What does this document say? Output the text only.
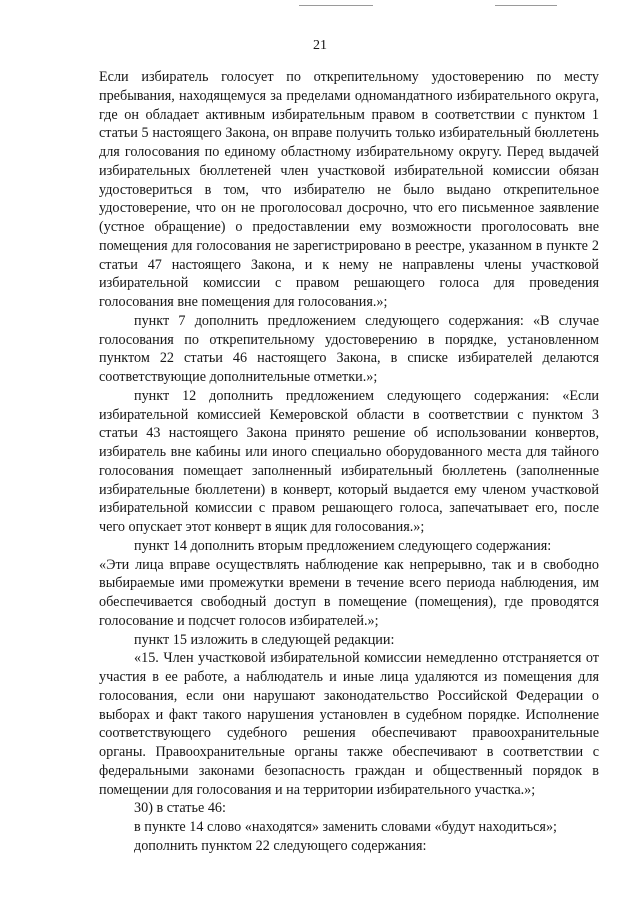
21

Если избиратель голосует по открепительному удостоверению по месту пребывания, находящемуся за пределами одномандатного избирательного округа, где он обладает активным избирательным правом в соответствии с пунктом 1 статьи 5 настоящего Закона, он вправе получить только избирательный бюллетень для голосования по единому областному избирательному округу. Перед выдачей избирательных бюллетеней член участковой избирательной комиссии обязан удостовериться в том, что избирателю не было выдано открепительное удостоверение, что он не проголосовал досрочно, что его письменное заявление (устное обращение) о предоставлении ему возможности проголосовать вне помещения для голосования не зарегистрировано в реестре, указанном в пункте 2 статьи 47 настоящего Закона, и к нему не направлены члены участковой избирательной комиссии с правом решающего голоса для проведения голосования вне помещения для голосования.»;

пункт 7 дополнить предложением следующего содержания: «В случае голосования по открепительному удостоверению в порядке, установленном пунктом 22 статьи 46 настоящего Закона, в списке избирателей делаются соответствующие дополнительные отметки.»;

пункт 12 дополнить предложением следующего содержания: «Если избирательной комиссией Кемеровской области в соответствии с пунктом 3 статьи 43 настоящего Закона принято решение об использовании конвертов, избиратель вне кабины или иного специально оборудованного места для тайного голосования помещает заполненный избирательный бюллетень (заполненные избирательные бюллетени) в конверт, который выдается ему членом участковой избирательной комиссии с правом решающего голоса, запечатывает его, после чего опускает этот конверт в ящик для голосования.»;

пункт 14 дополнить вторым предложением следующего содержания:

«Эти лица вправе осуществлять наблюдение как непрерывно, так и в свободно выбираемые ими промежутки времени в течение всего периода наблюдения, им обеспечивается свободный доступ в помещение (помещения), где проводятся голосование и подсчет голосов избирателей.»;

пункт 15 изложить в следующей редакции:

«15. Член участковой избирательной комиссии немедленно отстраняется от участия в ее работе, а наблюдатель и иные лица удаляются из помещения для голосования, если они нарушают законодательство Российской Федерации о выборах и факт такого нарушения установлен в судебном порядке. Исполнение соответствующего судебного решения обеспечивают правоохранительные органы. Правоохранительные органы также обеспечивают в соответствии с федеральными законами безопасность граждан и общественный порядок в помещении для голосования и на территории избирательного участка.»;

30) в статье 46:

в пункте 14 слово «находятся» заменить словами «будут находиться»;

дополнить пунктом 22 следующего содержания:
